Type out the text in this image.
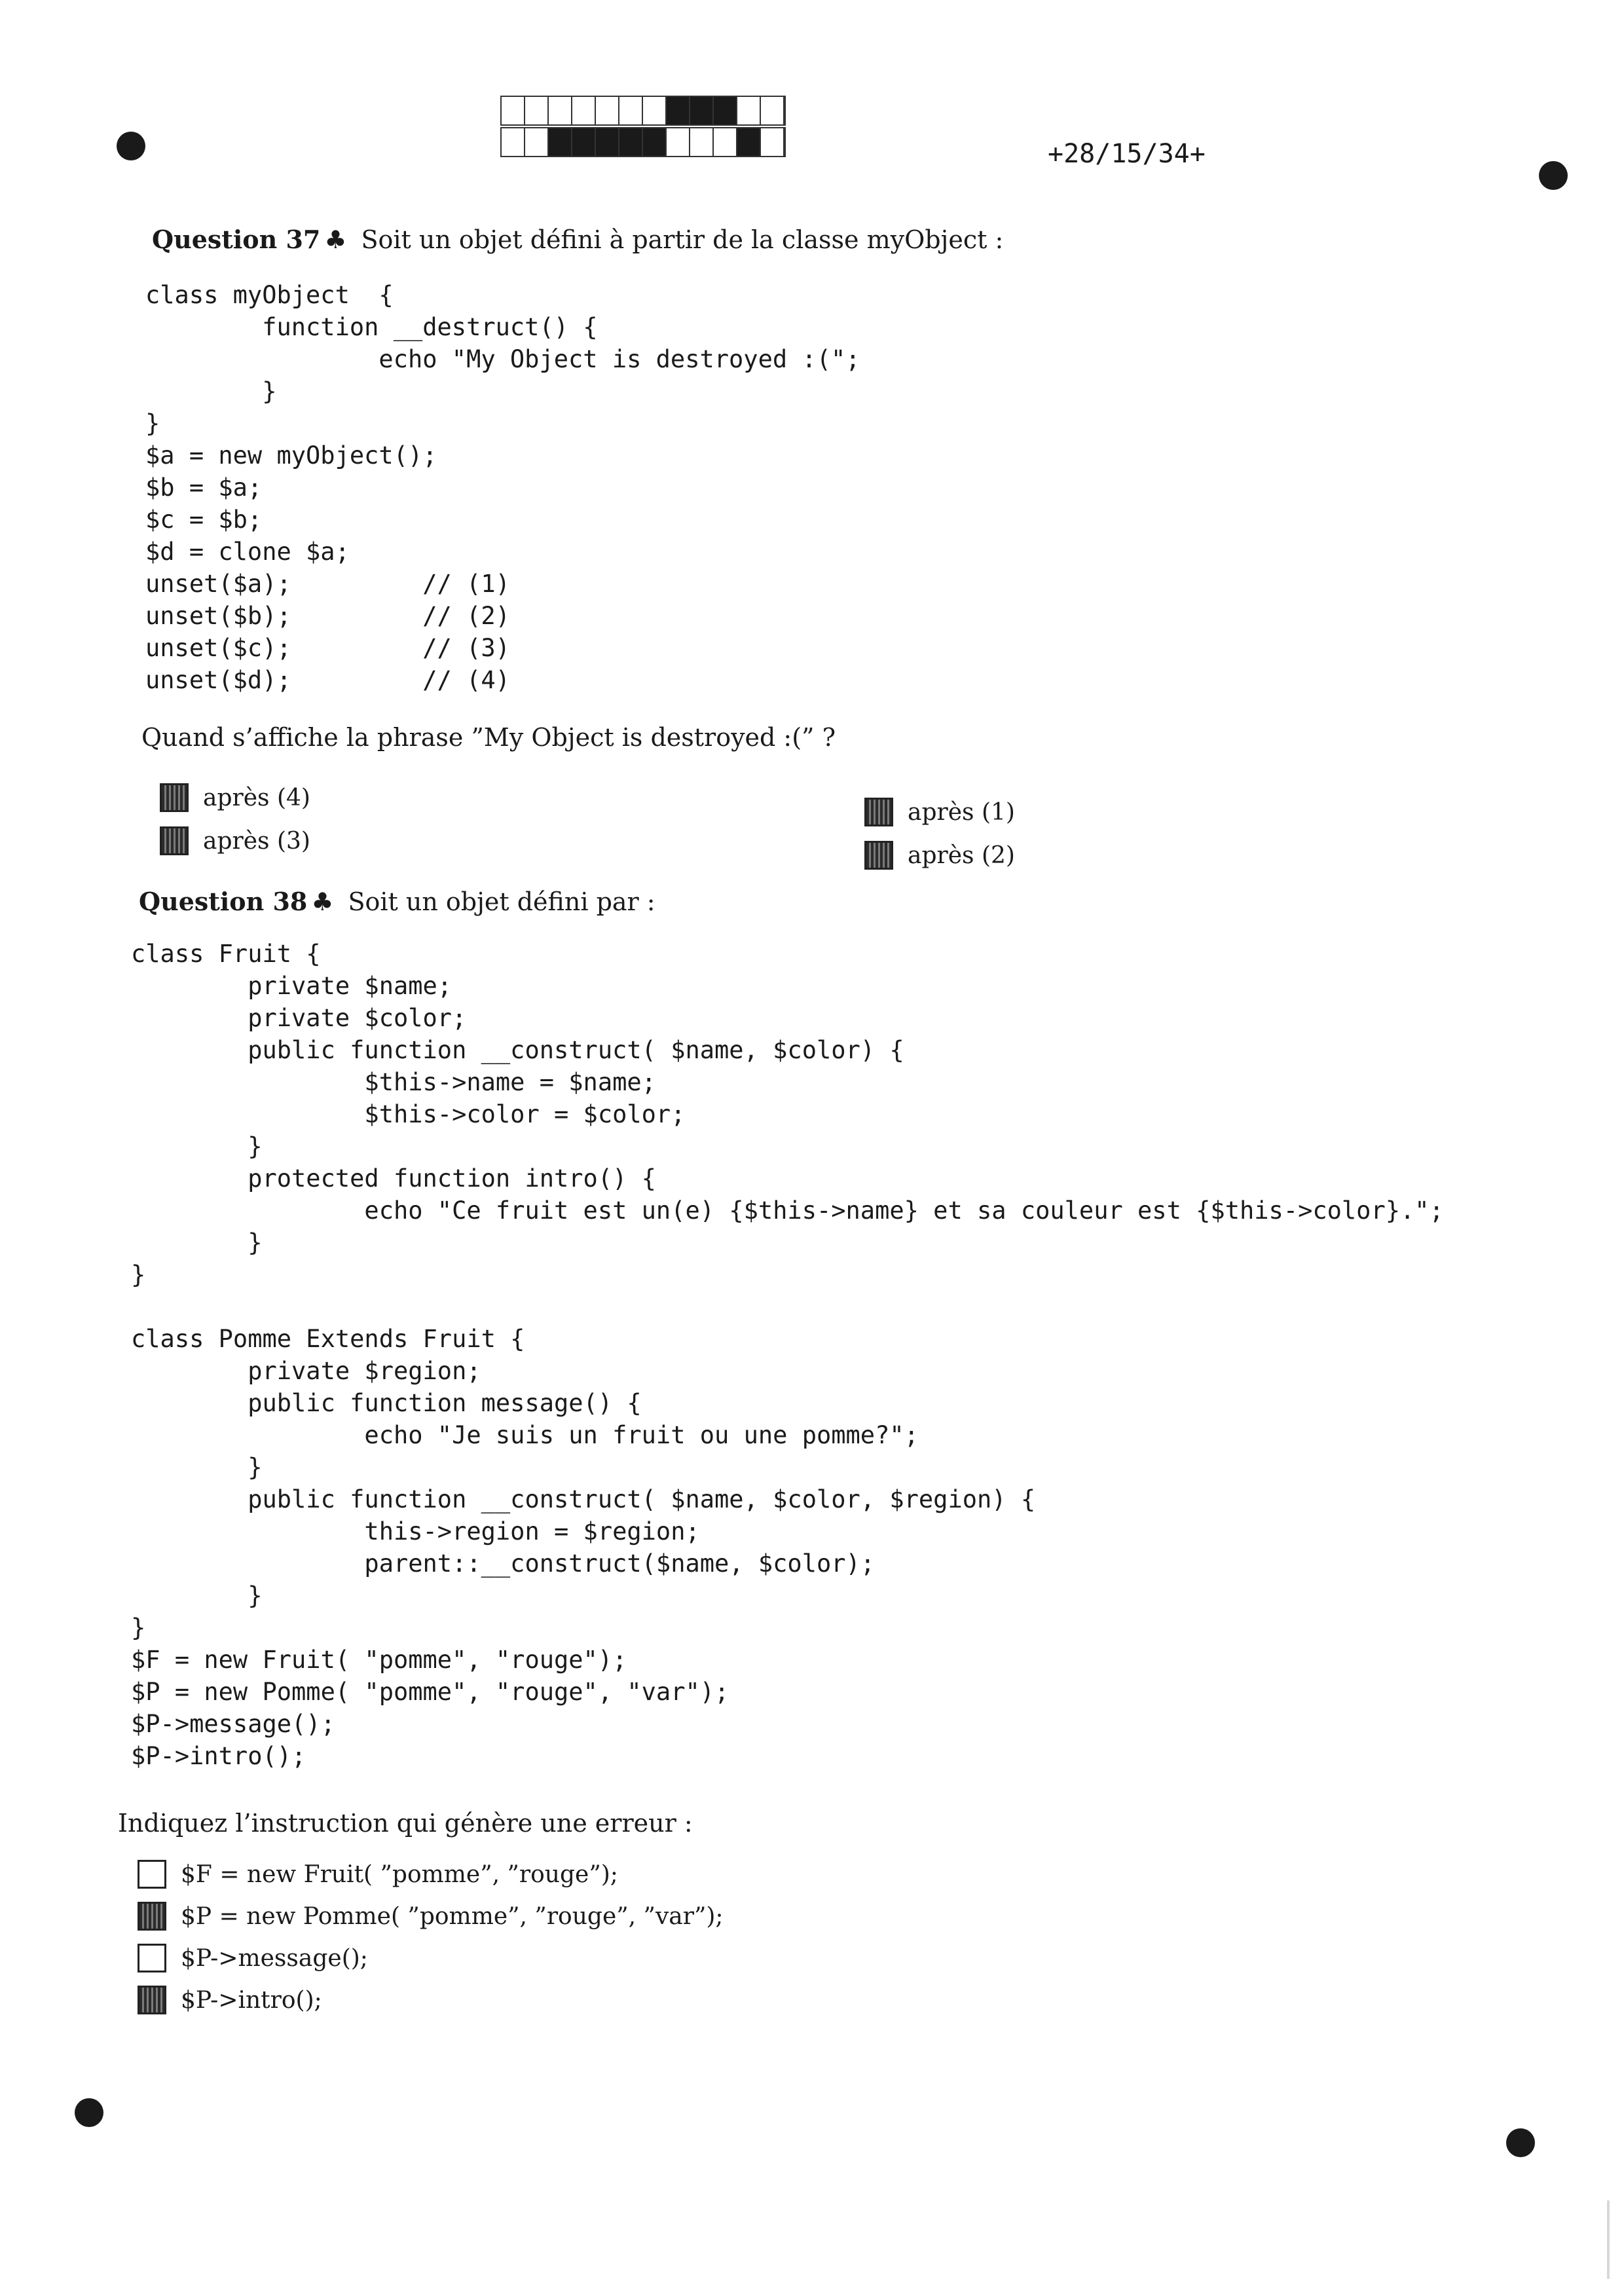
+28/15/34+
Question 37 ♣ Soit un objet défini à partir de la classe myObject :
class myObject  {
function __destruct() {
echo "My Object is destroyed :(";
}
}
$a = new myObject();
$b = $a;
$c = $b;
$d = clone $a;
unset($a);         // (1)
unset($b);         // (2)
unset($c);         // (3)
unset($d);         // (4)
Quand s’affiche la phrase ”My Object is destroyed :(” ?
après (4)
après (3)
après (1)
après (2)
Question 38 ♣ Soit un objet défini par :
class Fruit {
private $name;
private $color;
public function __construct( $name, $color) {
$this->name = $name;
$this->color = $color;
}
protected function intro() {
echo "Ce fruit est un(e) {$this->name} et sa couleur est {$this->color}.";
}
}

class Pomme Extends Fruit {
private $region;
public function message() {
echo "Je suis un fruit ou une pomme?";
}
public function __construct( $name, $color, $region) {
this->region = $region;
parent::__construct($name, $color);
}
}
$F = new Fruit( "pomme", "rouge");
$P = new Pomme( "pomme", "rouge", "var");
$P->message();
$P->intro();
Indiquez l’instruction qui génère une erreur :
$F = new Fruit( ”pomme”, ”rouge”);
$P = new Pomme( ”pomme”, ”rouge”, ”var”);
$P->message();
$P->intro();
